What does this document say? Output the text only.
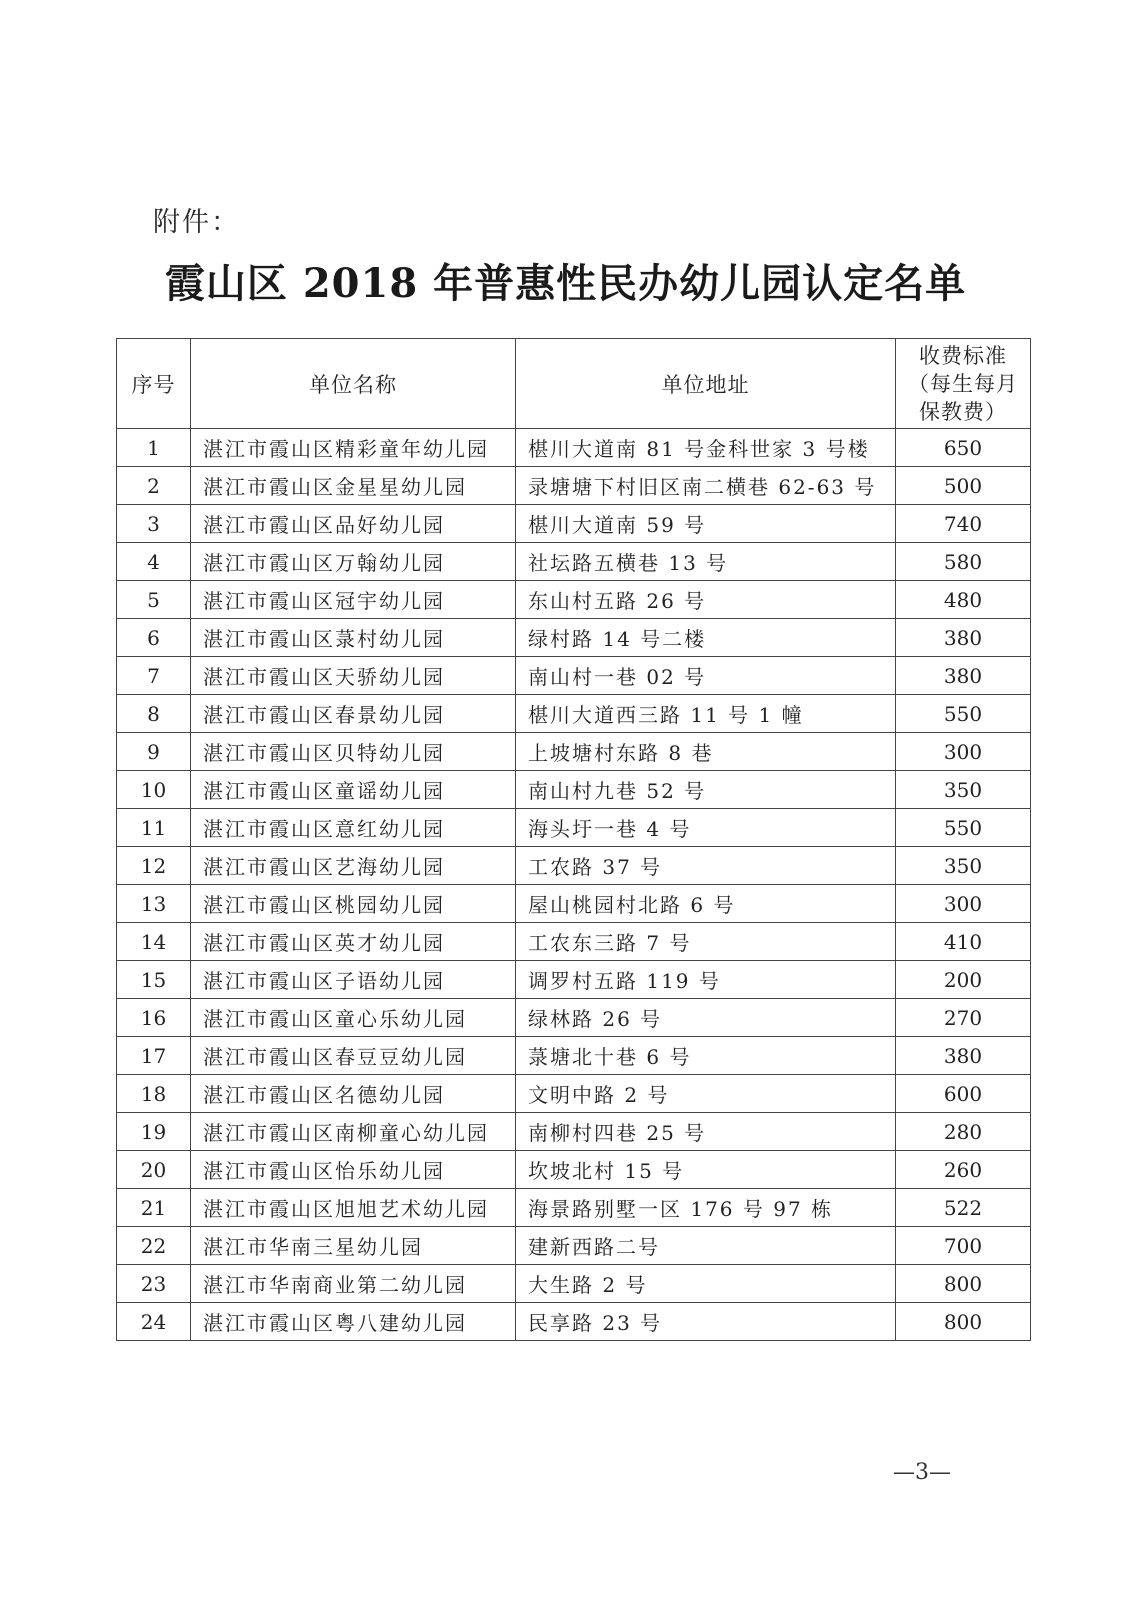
附件：
霞山区 2018 年普惠性民办幼儿园认定名单
序号	单位名称	单位地址	收费标准（每生每月保教费）
1	湛江市霞山区精彩童年幼儿园	椹川大道南 81 号金科世家 3 号楼	650
2	湛江市霞山区金星星幼儿园	录塘塘下村旧区南二横巷 62-63 号	500
3	湛江市霞山区品好幼儿园	椹川大道南 59 号	740
4	湛江市霞山区万翰幼儿园	社坛路五横巷 13 号	580
5	湛江市霞山区冠宇幼儿园	东山村五路 26 号	480
6	湛江市霞山区菉村幼儿园	绿村路 14 号二楼	380
7	湛江市霞山区天骄幼儿园	南山村一巷 02 号	380
8	湛江市霞山区春景幼儿园	椹川大道西三路 11 号 1 幢	550
9	湛江市霞山区贝特幼儿园	上坡塘村东路 8 巷	300
10	湛江市霞山区童谣幼儿园	南山村九巷 52 号	350
11	湛江市霞山区意红幼儿园	海头圩一巷 4 号	550
12	湛江市霞山区艺海幼儿园	工农路 37 号	350
13	湛江市霞山区桃园幼儿园	屋山桃园村北路 6 号	300
14	湛江市霞山区英才幼儿园	工农东三路 7 号	410
15	湛江市霞山区子语幼儿园	调罗村五路 119 号	200
16	湛江市霞山区童心乐幼儿园	绿林路 26 号	270
17	湛江市霞山区春豆豆幼儿园	菉塘北十巷 6 号	380
18	湛江市霞山区名德幼儿园	文明中路 2 号	600
19	湛江市霞山区南柳童心幼儿园	南柳村四巷 25 号	280
20	湛江市霞山区怡乐幼儿园	坎坡北村 15 号	260
21	湛江市霞山区旭旭艺术幼儿园	海景路别墅一区 176 号 97 栋	522
22	湛江市华南三星幼儿园	建新西路二号	700
23	湛江市华南商业第二幼儿园	大生路 2 号	800
24	湛江市霞山区粤八建幼儿园	民享路 23 号	800
—3—
